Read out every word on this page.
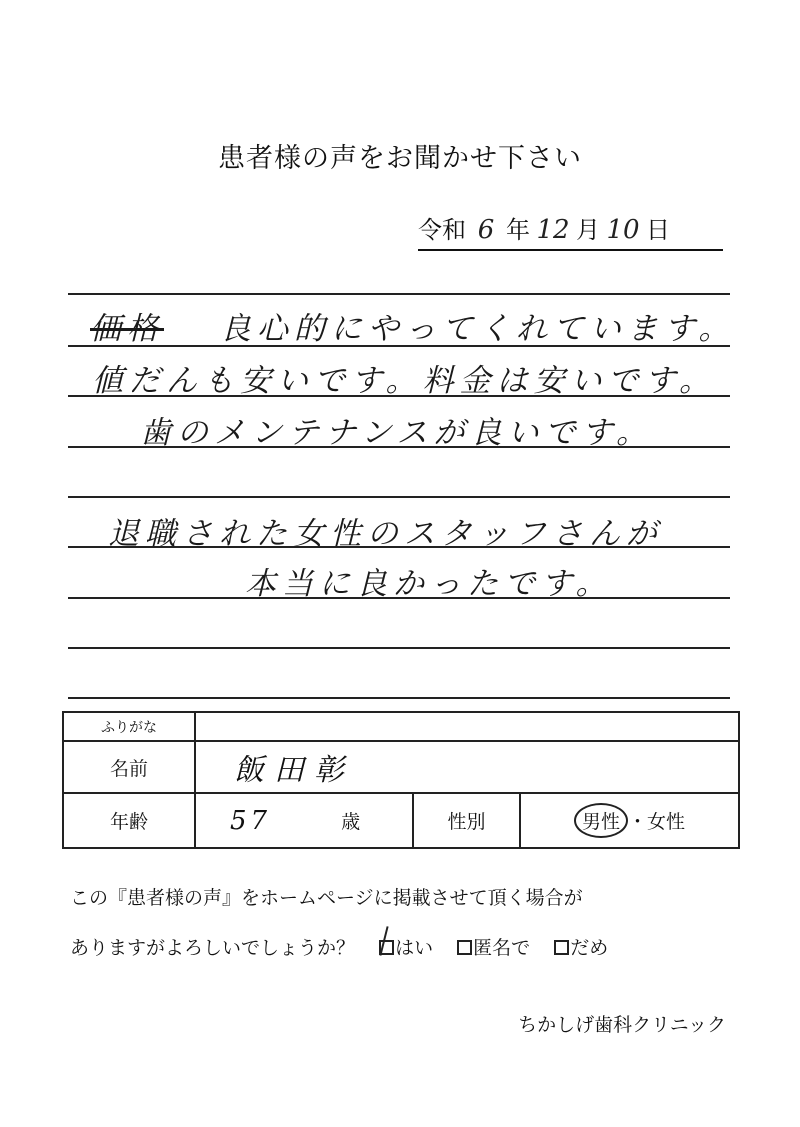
患者様の声をお聞かせ下さい
令和 6 年 12 月 10 日
価格 良心的にやってくれています。
値だんも安いです。料金は安いです。
歯のメンテナンスが良いです。
退職された女性のスタッフさんが
本当に良かったです。
ふりがな
名前	飯田彰
年齢	57	歳	性別	男性 ・ 女性
この『患者様の声』をホームページに掲載させて頂く場合が
ありますがよろしいでしょうか？ はい 匿名で だめ
ちかしげ歯科クリニック
